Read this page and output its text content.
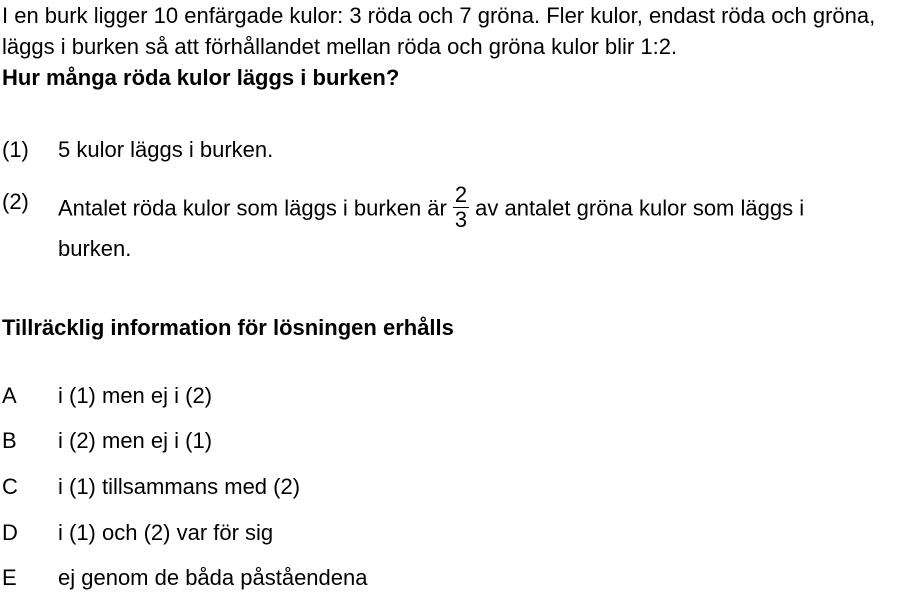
I en burk ligger 10 enfärgade kulor: 3 röda och 7 gröna. Fler kulor, endast röda och gröna, läggs i burken så att förhållandet mellan röda och gröna kulor blir 1:2.

Hur många röda kulor läggs i burken?

(1) 5 kulor läggs i burken.
(2) Antalet röda kulor som läggs i burken är $\frac{2}{3}$ av antalet gröna kulor som läggs i
burken.
Tillräcklig information för lösningen erhålls
A i (1) men ej i (2)
B i (2) men ej i (1)
C i (1) tillsammans med (2)
D i (1) och (2) var för sig
E ej genom de båda påståendena
